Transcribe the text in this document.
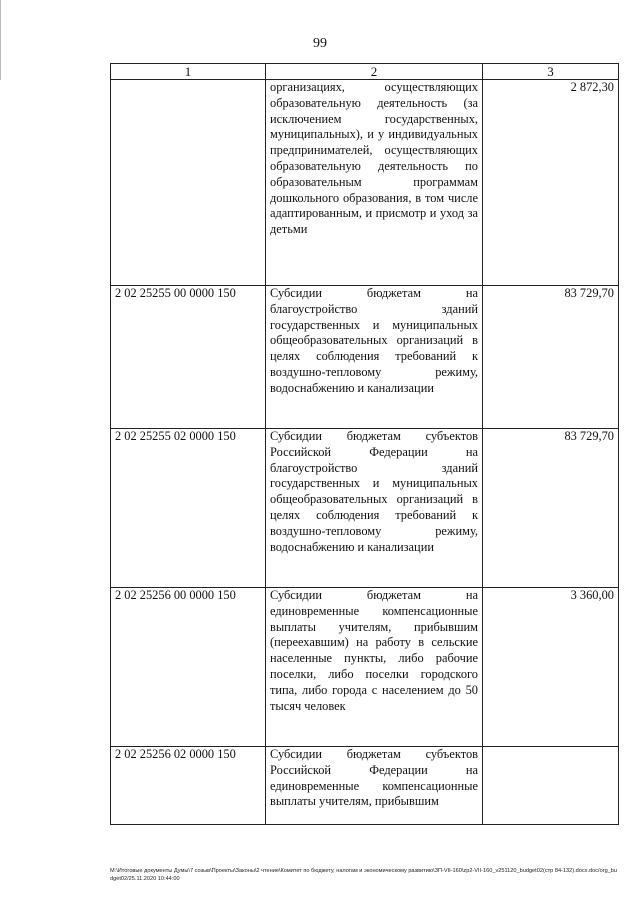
99
1	2	3
	организациях, осуществляющих образовательную деятельность (за исключением государственных, муниципальных), и у индивидуальных предпринимателей, осуществляющих образовательную деятельность по образовательным программам дошкольного образования, в том числе адаптированным, и присмотр и уход за детьми	2 872,30
2 02 25255 00 0000 150	Субсидии бюджетам на благоустройство зданий государственных и муниципальных общеобразовательных организаций в целях соблюдения требований к воздушно-тепловому режиму, водоснабжению и канализации	83 729,70
2 02 25255 02 0000 150	Субсидии бюджетам субъектов Российской Федерации на благоустройство зданий государственных и муниципальных общеобразовательных организаций в целях соблюдения требований к воздушно-тепловому режиму, водоснабжению и канализации	83 729,70
2 02 25256 00 0000 150	Субсидии бюджетам на единовременные компенсационные выплаты учителям, прибывшим (переехавшим) на работу в сельские населенные пункты, либо рабочие поселки, либо поселки городского типа, либо города с населением до 50 тысяч человек	3 360,00
2 02 25256 02 0000 150	Субсидии бюджетам субъектов Российской Федерации на единовременные компенсационные выплаты учителям, прибывшим	
M:\Итоговые документы Думы\7 созыв\Проекты\Законы\2 чтение\Комитет по бюджету, налогам и экономическому развитию\ЗП-VII-160\zp2-VII-160_v251120_budget02(стр 84-132).docx.doc/org_budget02/25.11.2020 10:44:00
